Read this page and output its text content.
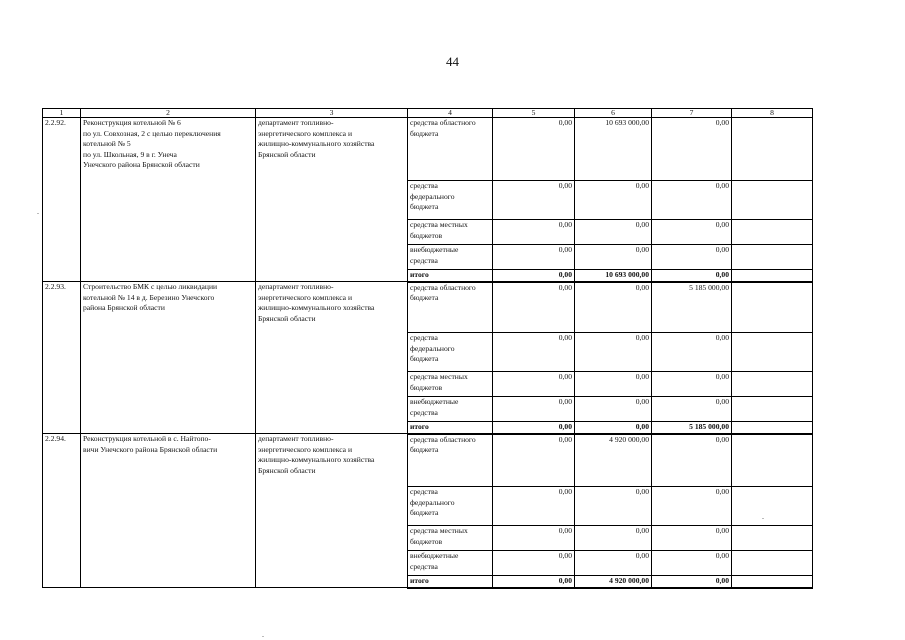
44
1	2	3	4	5	6	7	8
2.2.92.	Реконструкция котельной № 6
по ул. Совхозная, 2 с целью переключения
котельной № 5
по ул. Школьная, 9 в г. Унеча
Унечского района Брянской области	департамент топливно-
энергетического комплекса и
жилищно-коммунального хозяйства
Брянской области	средства областного
бюджета	0,00	10 693 000,00	0,00	
			средства
федерального
бюджета	0,00	0,00	0,00	
			средства местных
бюджетов	0,00	0,00	0,00	
			внебюджетные
средства	0,00	0,00	0,00	
			итого	0,00	10 693 000,00	0,00	
2.2.93.	Строительство БМК с целью ликвидации
котельной № 14 в д. Березино Унечского
района Брянской области	департамент топливно-
энергетического комплекса и
жилищно-коммунального хозяйства
Брянской области	средства областного
бюджета	0,00	0,00	5 185 000,00	
			средства
федерального
бюджета	0,00	0,00	0,00	
			средства местных
бюджетов	0,00	0,00	0,00	
			внебюджетные
средства	0,00	0,00	0,00	
			итого	0,00	0,00	5 185 000,00	
2.2.94.	Реконструкция котельной в с. Найтопо-
вичи Унечского района Брянской области	департамент топливно-
энергетического комплекса и
жилищно-коммунального хозяйства
Брянской области	средства областного
бюджета	0,00	4 920 000,00	0,00	
			средства
федерального
бюджета	0,00	0,00	0,00	
			средства местных
бюджетов	0,00	0,00	0,00	
			внебюджетные
средства	0,00	0,00	0,00	
			итого	0,00	4 920 000,00	0,00	
